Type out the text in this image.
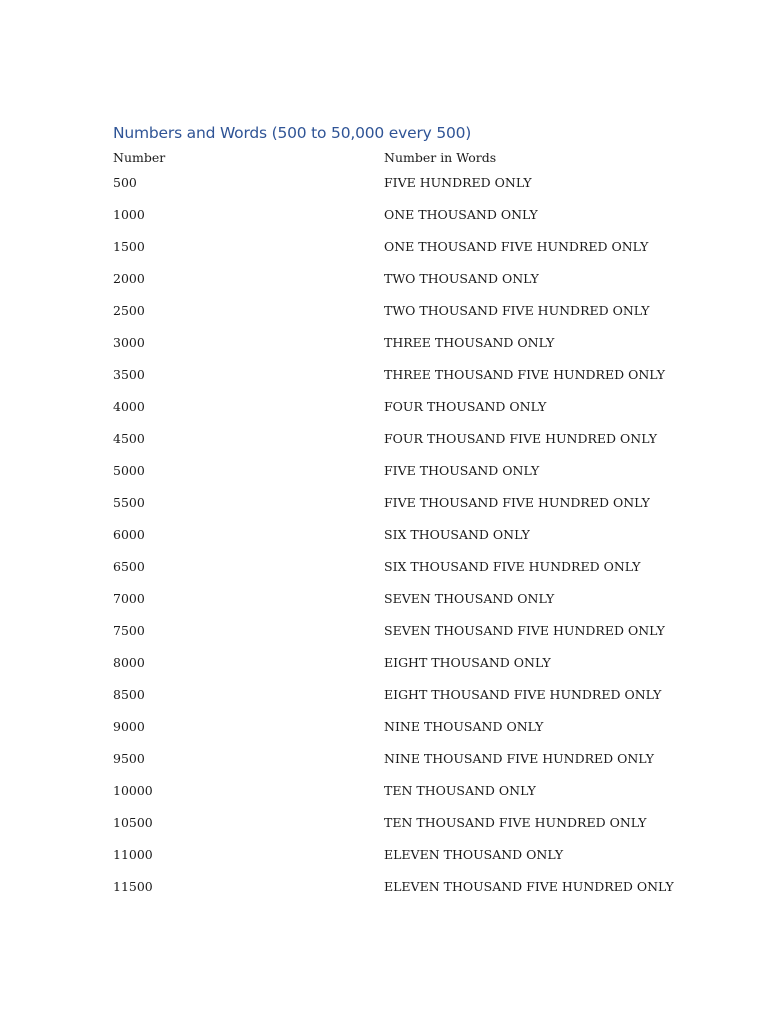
Numbers and Words (500 to 50,000 every 500)
Number	Number in Words
500	FIVE HUNDRED ONLY
1000	ONE THOUSAND ONLY
1500	ONE THOUSAND FIVE HUNDRED ONLY
2000	TWO THOUSAND ONLY
2500	TWO THOUSAND FIVE HUNDRED ONLY
3000	THREE THOUSAND ONLY
3500	THREE THOUSAND FIVE HUNDRED ONLY
4000	FOUR THOUSAND ONLY
4500	FOUR THOUSAND FIVE HUNDRED ONLY
5000	FIVE THOUSAND ONLY
5500	FIVE THOUSAND FIVE HUNDRED ONLY
6000	SIX THOUSAND ONLY
6500	SIX THOUSAND FIVE HUNDRED ONLY
7000	SEVEN THOUSAND ONLY
7500	SEVEN THOUSAND FIVE HUNDRED ONLY
8000	EIGHT THOUSAND ONLY
8500	EIGHT THOUSAND FIVE HUNDRED ONLY
9000	NINE THOUSAND ONLY
9500	NINE THOUSAND FIVE HUNDRED ONLY
10000	TEN THOUSAND ONLY
10500	TEN THOUSAND FIVE HUNDRED ONLY
11000	ELEVEN THOUSAND ONLY
11500	ELEVEN THOUSAND FIVE HUNDRED ONLY
